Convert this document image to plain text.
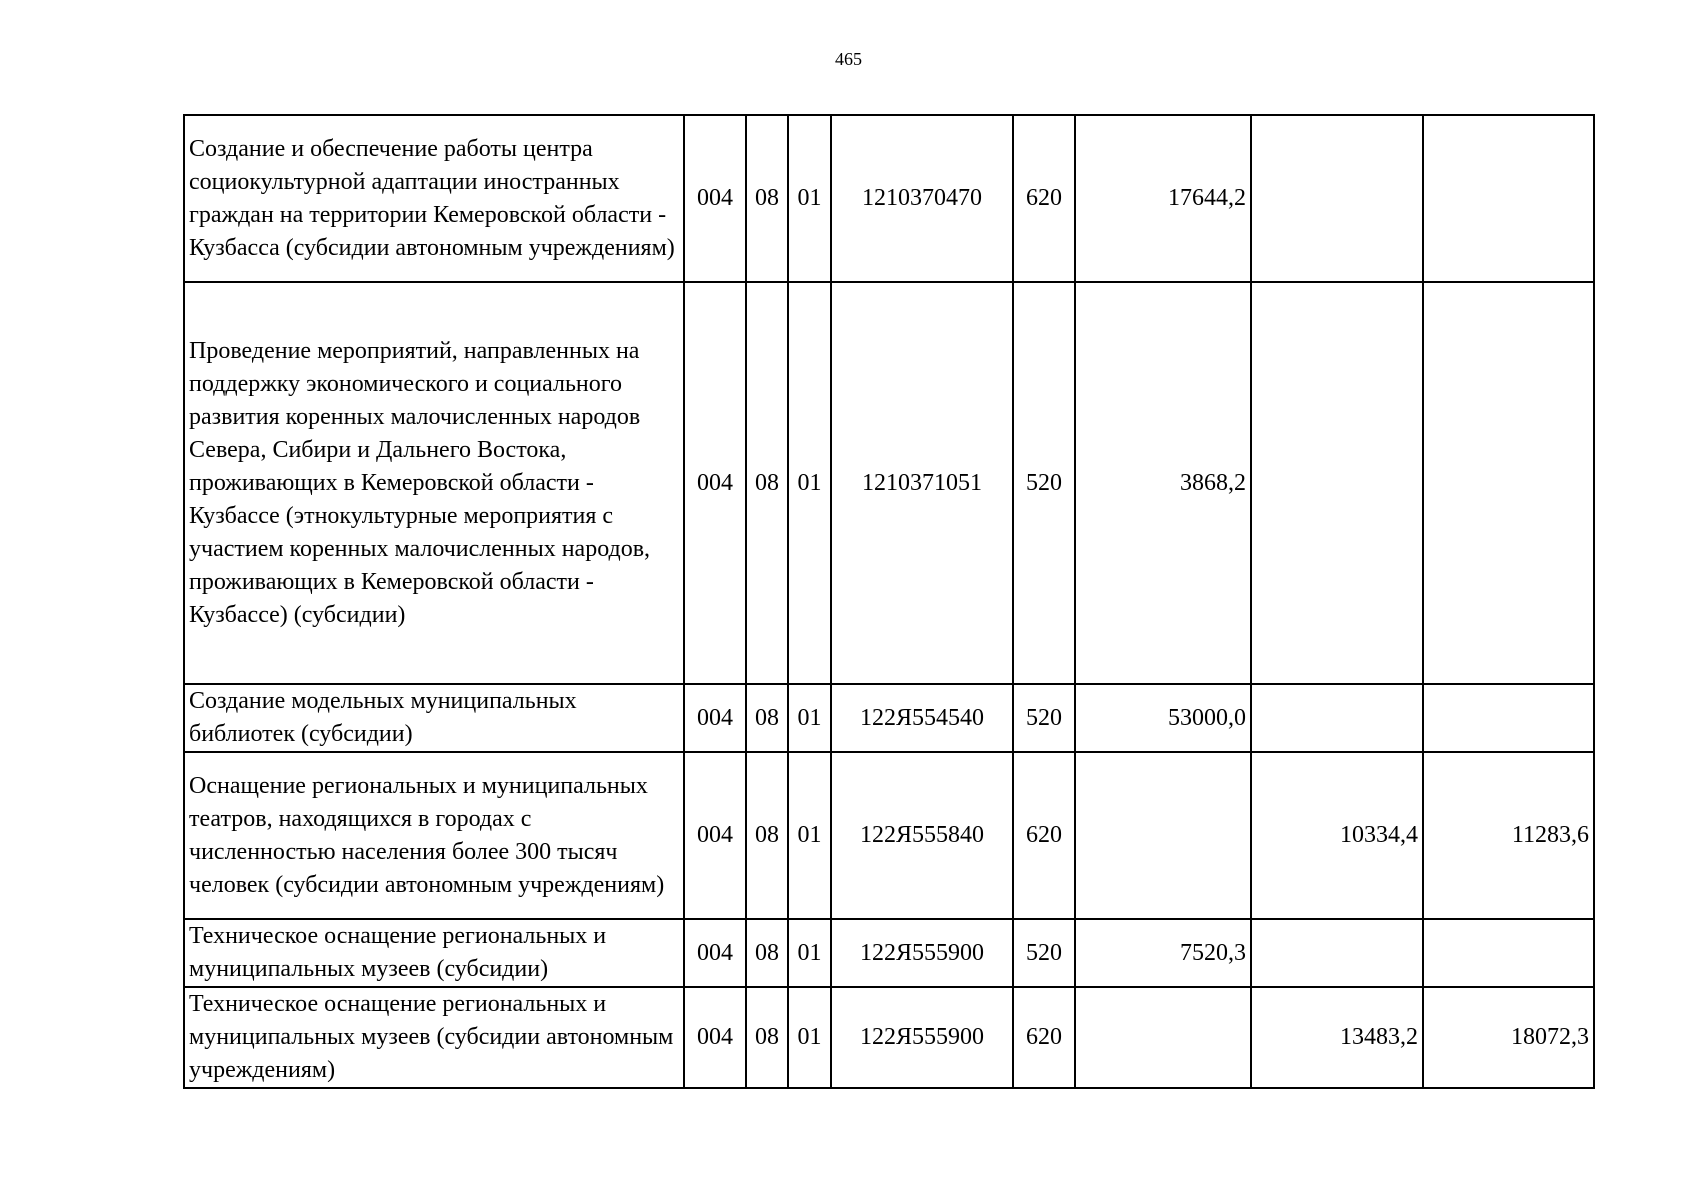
465
Создание и обеспечение работы центра социокультурной адаптации иностранных граждан на территории Кемеровской области - Кузбасса (субсидии автономным учреждениям)	004	08	01	1210370470	620	17644,2		
Проведение мероприятий, направленных на поддержку экономического и социального развития коренных малочисленных народов Севера, Сибири и Дальнего Востока, проживающих в Кемеровской области - Кузбассе (этнокультурные мероприятия с участием коренных малочисленных народов, проживающих в Кемеровской области - Кузбассе) (субсидии)	004	08	01	1210371051	520	3868,2		
Создание модельных муниципальных библиотек (субсидии)	004	08	01	122Я554540	520	53000,0		
Оснащение региональных и муниципальных театров, находящихся в городах с численностью населения более 300 тысяч человек (субсидии автономным учреждениям)	004	08	01	122Я555840	620		10334,4	11283,6
Техническое оснащение региональных и муниципальных музеев (субсидии)	004	08	01	122Я555900	520	7520,3		
Техническое оснащение региональных и муниципальных музеев (субсидии автономным учреждениям)	004	08	01	122Я555900	620		13483,2	18072,3
